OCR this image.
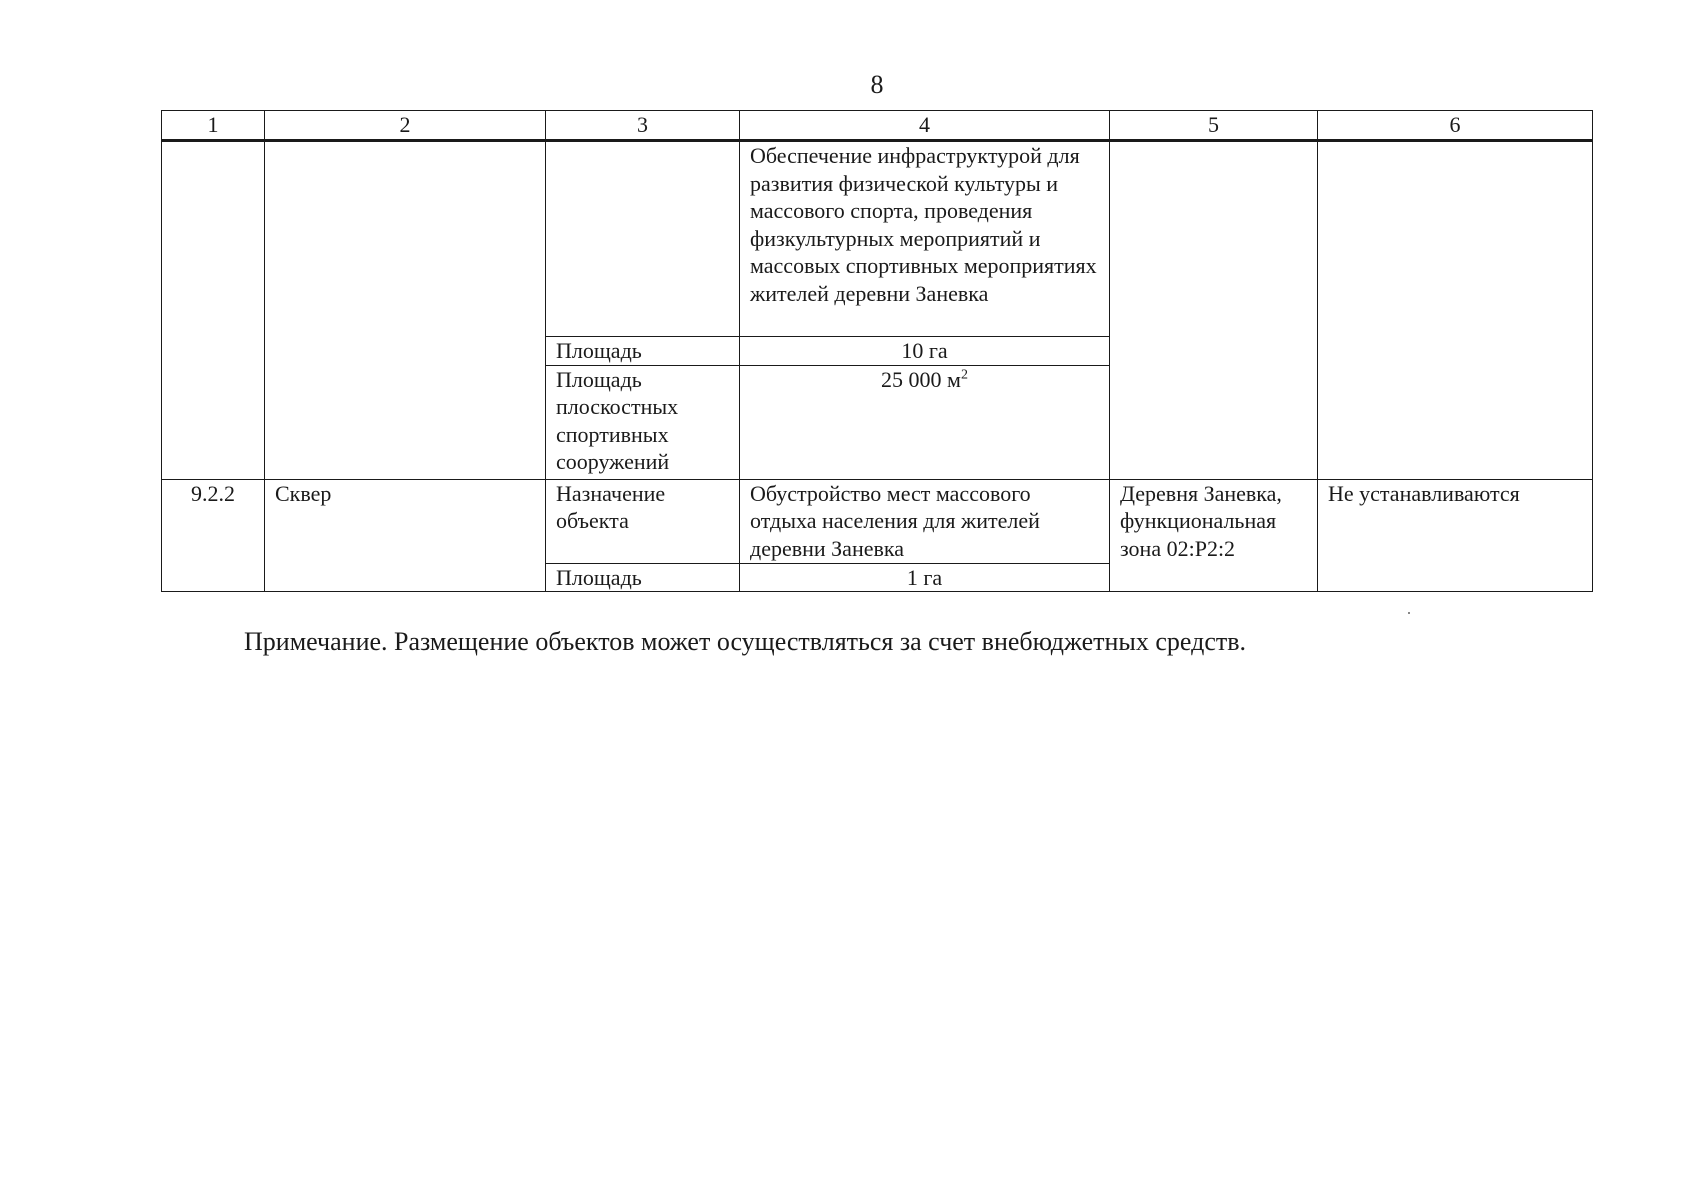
8
1	2	3	4	5	6
			Обеспечение инфраструктурой для развития физической культуры и массового спорта, проведения физкультурных мероприятий и массовых спортивных мероприятиях жителей деревни Заневка		
		Площадь	10 га		
		Площадь плоскостных спортивных сооружений	25 000 $м^2$
9.2.2	Сквер	Назначение объекта	Обустройство мест массового отдыха населения для жителей деревни Заневка	Деревня Заневка, функциональная зона 02:Р2:2	Не устанавливаются
		Площадь	1 га		
Примечание. Размещение объектов может осуществляться за счет внебюджетных средств.
